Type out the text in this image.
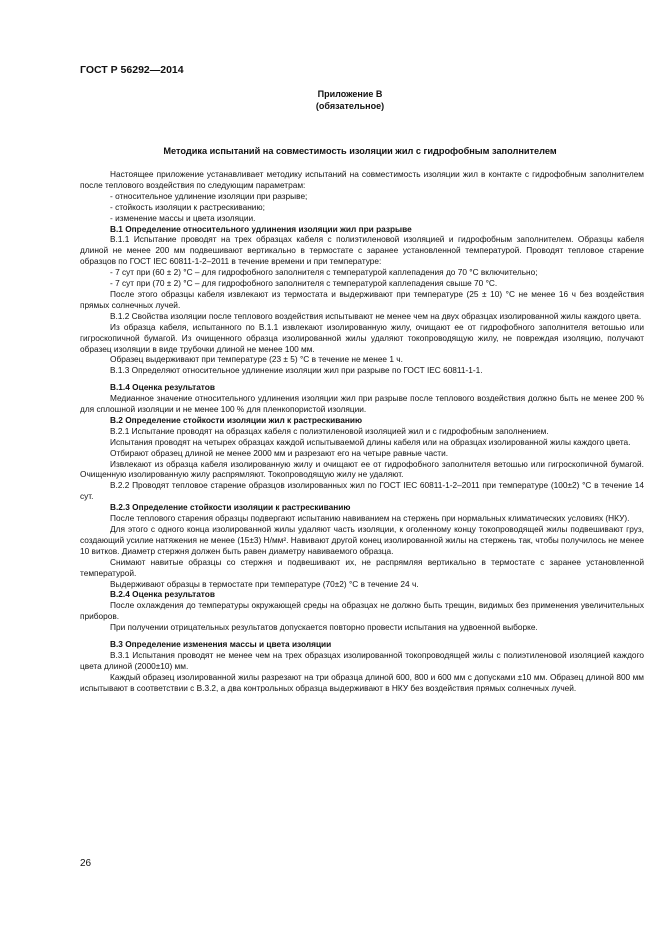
ГОСТ Р 56292—2014
Приложение В
(обязательное)
Методика испытаний на совместимость изоляции жил с гидрофобным заполнителем

Настоящее приложение устанавливает методику испытаний на совместимость изоляции жил в контакте с гидрофобным заполнителем после теплового воздействия по следующим параметрам:

- относительное удлинение изоляции при разрыве;

- стойкость изоляции к растрескиванию;

- изменение массы и цвета изоляции.

В.1 Определение относительного удлинения изоляции жил при разрыве

В.1.1 Испытание проводят на трех образцах кабеля с полиэтиленовой изоляцией и гидрофобным заполнителем. Образцы кабеля длиной не менее 200 мм подвешивают вертикально в термостате с заранее установленной температурой. Проводят тепловое старение образцов по ГОСТ IEC 60811-1-2–2011 в течение времени и при температуре:

- 7 сут при (60 ± 2) °С – для гидрофобного заполнителя с температурой каплепадения до 70 °С включительно;

- 7 сут при (70 ± 2) °С – для гидрофобного заполнителя с температурой каплепадения свыше 70 °С.

После этого образцы кабеля извлекают из термостата и выдерживают при температуре (25 ± 10) °С не менее 16 ч без воздействия прямых солнечных лучей.

В.1.2 Свойства изоляции после теплового воздействия испытывают не менее чем на двух образцах изолированной жилы каждого цвета.

Из образца кабеля, испытанного по В.1.1 извлекают изолированную жилу, очищают ее от гидрофобного заполнителя ветошью или гигроскопичной бумагой. Из очищенного образца изолированной жилы удаляют токопроводящую жилу, не повреждая изоляцию, получают образец изоляции в виде трубочки длиной не менее 100 мм.

Образец выдерживают при температуре (23 ± 5) °С в течение не менее 1 ч.

В.1.3 Определяют относительное удлинение изоляции жил при разрыве по ГОСТ IEC 60811-1-1.

В.1.4 Оценка результатов

Медианное значение относительного удлинения изоляции жил при разрыве после теплового воздействия должно быть не менее 200 % для сплошной изоляции и не менее 100 % для пленкопористой изоляции.

В.2 Определение стойкости изоляции жил к растрескиванию

В.2.1 Испытание проводят на образцах кабеля с полиэтиленовой изоляцией жил и с гидрофобным заполнением.

Испытания проводят на четырех образцах каждой испытываемой длины кабеля или на образцах изолированной жилы каждого цвета.

Отбирают образец длиной не менее 2000 мм и разрезают его на четыре равные части.

Извлекают из образца кабеля изолированную жилу и очищают ее от гидрофобного заполнителя ветошью или гигроскопичной бумагой. Очищенную изолированную жилу распрямляют. Токопроводящую жилу не удаляют.

В.2.2 Проводят тепловое старение образцов изолированных жил по ГОСТ IEC 60811-1-2–2011 при температуре (100±2) °С в течение 14 сут.

В.2.3 Определение стойкости изоляции к растрескиванию

После теплового старения образцы подвергают испытанию навиванием на стержень при нормальных климатических условиях (НКУ).

Для этого с одного конца изолированной жилы удаляют часть изоляции, к оголенному концу токопроводящей жилы подвешивают груз, создающий усилие натяжения не менее (15±3) Н/мм². Навивают другой конец изолированной жилы на стержень так, чтобы получилось не менее 10 витков. Диаметр стержня должен быть равен диаметру навиваемого образца.

Снимают навитые образцы со стержня и подвешивают их, не распрямляя вертикально в термостате с заранее установленной температурой.

Выдерживают образцы в термостате при температуре (70±2) °С в течение 24 ч.

В.2.4 Оценка результатов

После охлаждения до температуры окружающей среды на образцах не должно быть трещин, видимых без применения увеличительных приборов.

При получении отрицательных результатов допускается повторно провести испытания на удвоенной выборке.

В.3 Определение изменения массы и цвета изоляции

В.3.1 Испытания проводят не менее чем на трех образцах изолированной токопроводящей жилы с полиэтиленовой изоляцией каждого цвета длиной (2000±10) мм.

Каждый образец изолированной жилы разрезают на три образца длиной 600, 800 и 600 мм с допусками ±10 мм. Образец длиной 800 мм испытывают в соответствии с В.3.2, а два контрольных образца выдерживают в НКУ без воздействия прямых солнечных лучей.

26
